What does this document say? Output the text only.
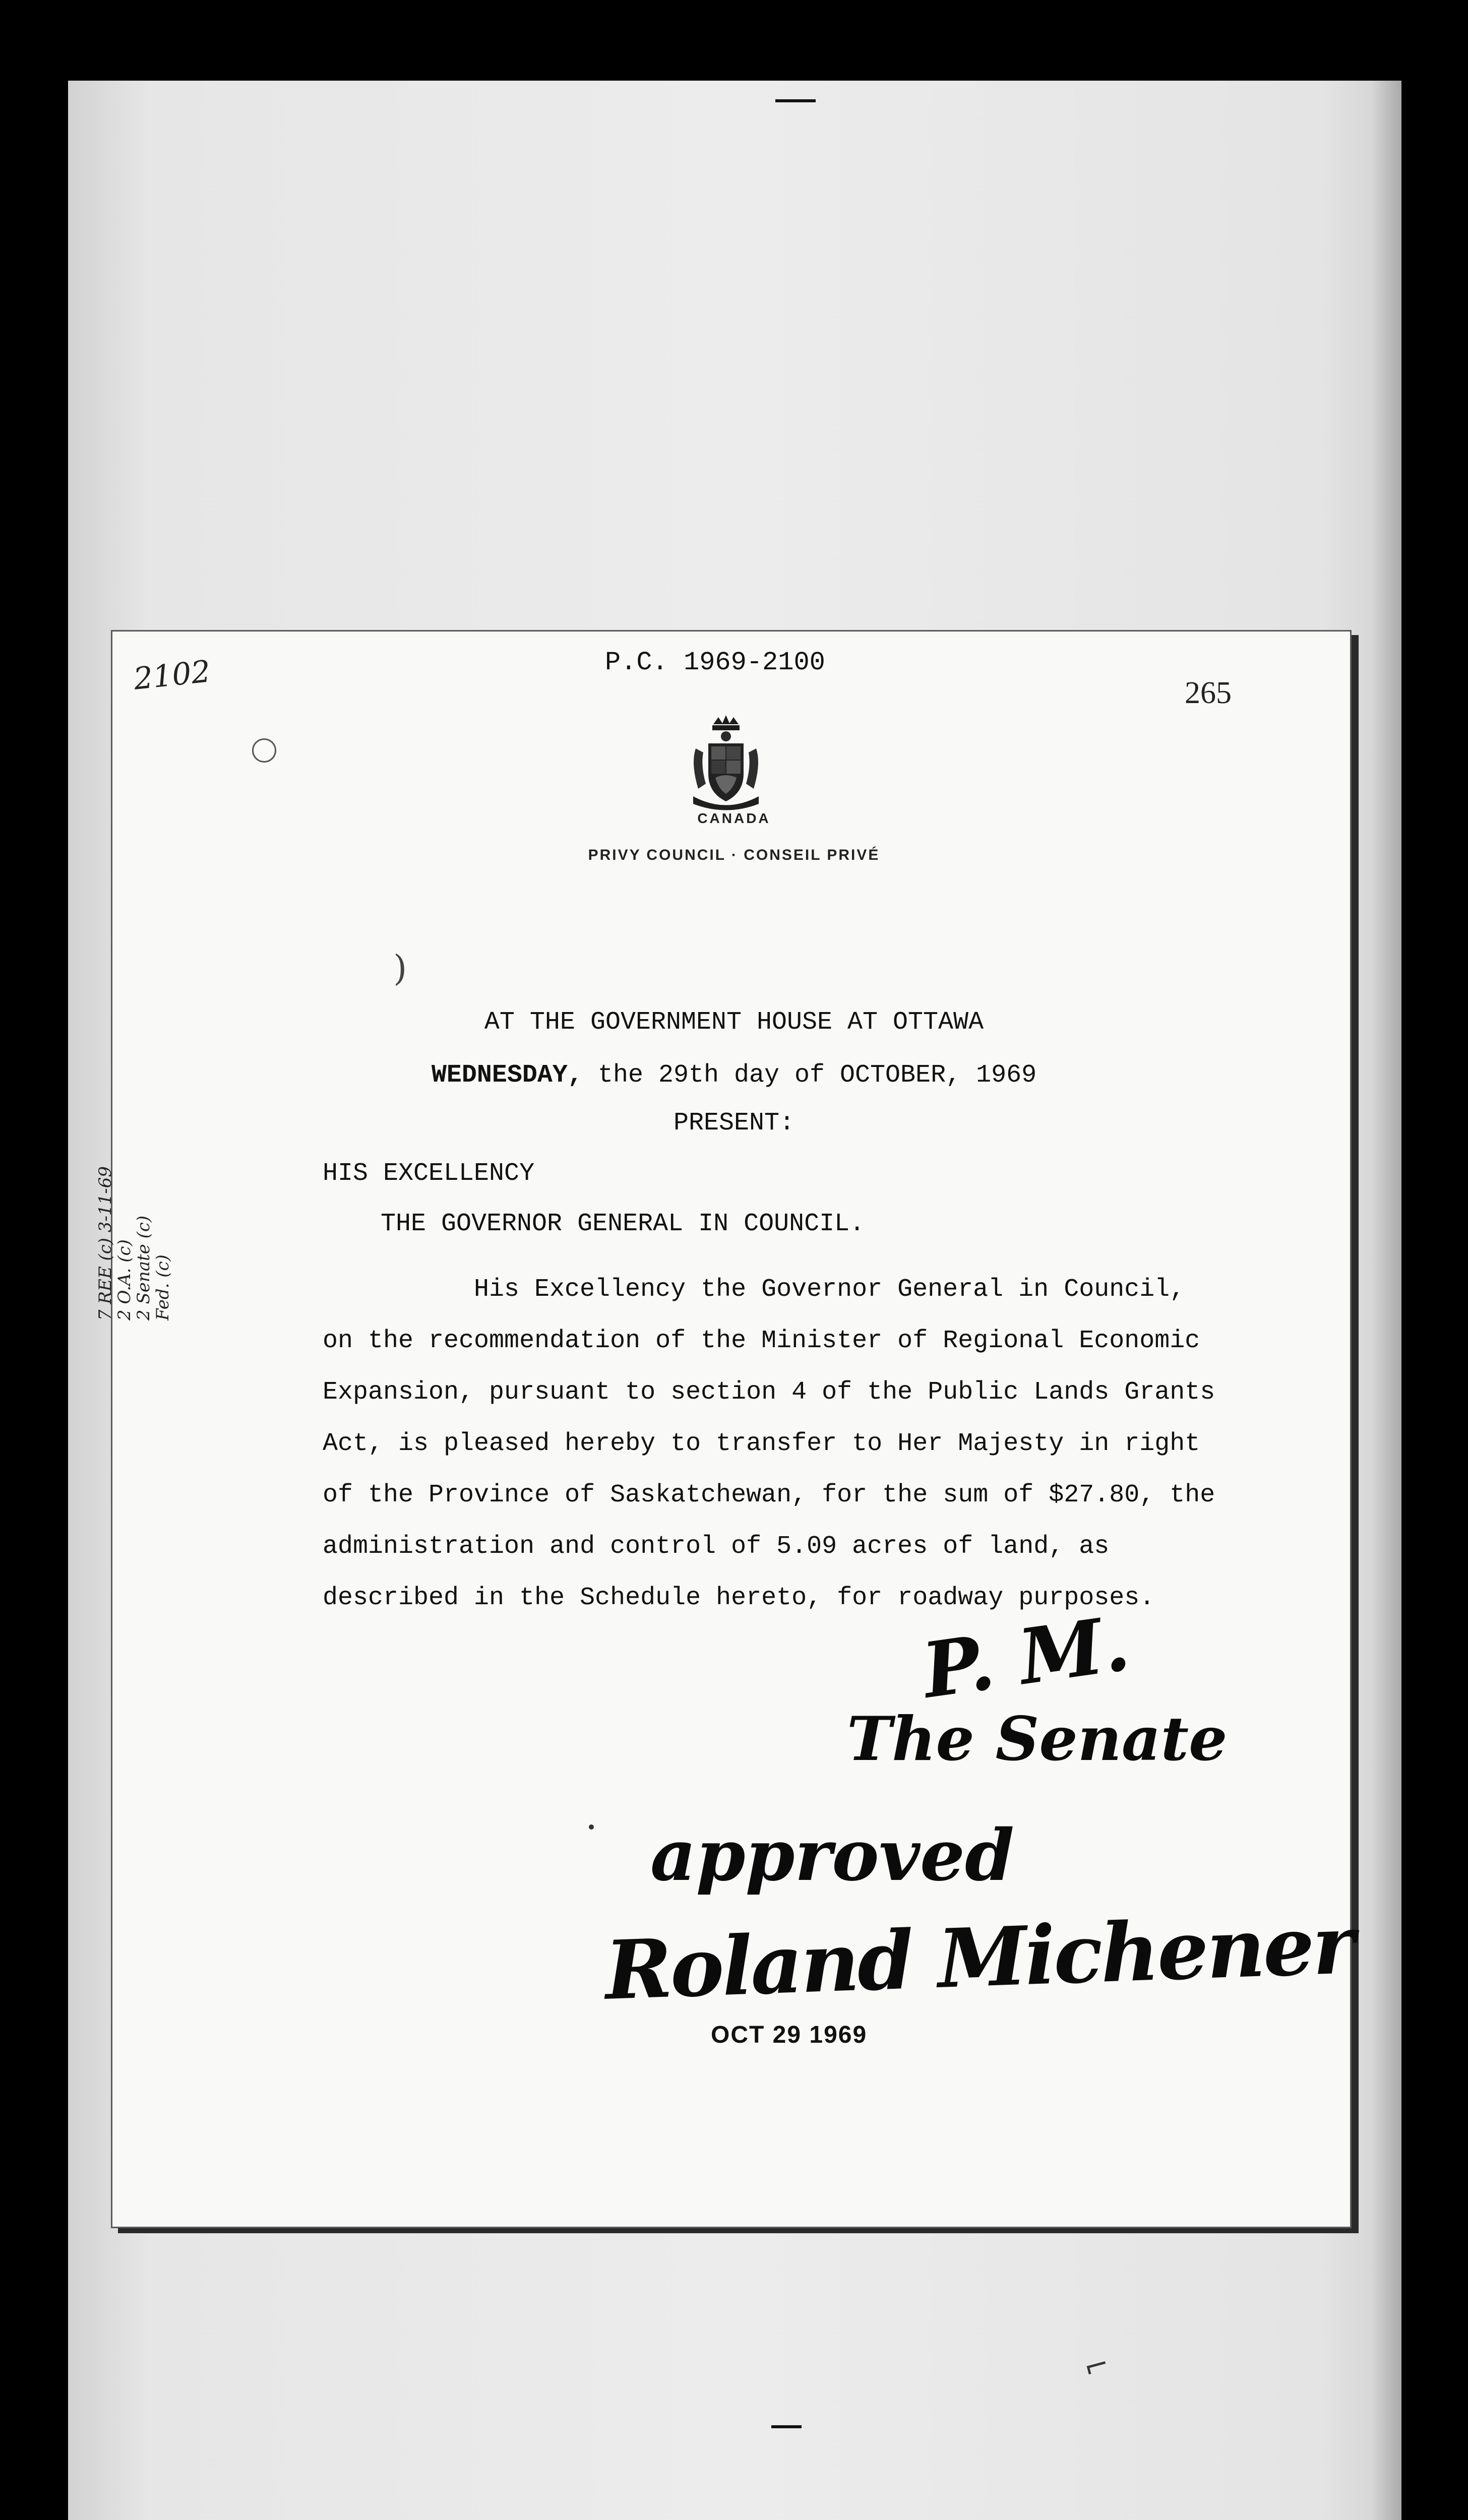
P.C. 1969-2100
265
2102
CANADA
PRIVY COUNCIL · CONSEIL PRIVÉ
)
AT THE GOVERNMENT HOUSE AT OTTAWA
WEDNESDAY, the 29th day of OCTOBER, 1969
PRESENT:
HIS EXCELLENCY
THE GOVERNOR GENERAL IN COUNCIL.
His Excellency the Governor General in Council,
on the recommendation of the Minister of Regional Economic
Expansion, pursuant to section 4 of the Public Lands Grants
Act, is pleased hereby to transfer to Her Majesty in right
of the Province of Saskatchewan, for the sum of $27.80, the
administration and control of 5.09 acres of land, as
described in the Schedule hereto, for roadway purposes.
7 REE (c) 3-11-69
2 O.A. (c)
2 Senate (c)
Fed. (c)
P. M.
The Senate
approved
Roland Michener
OCT 29 1969
⌐
